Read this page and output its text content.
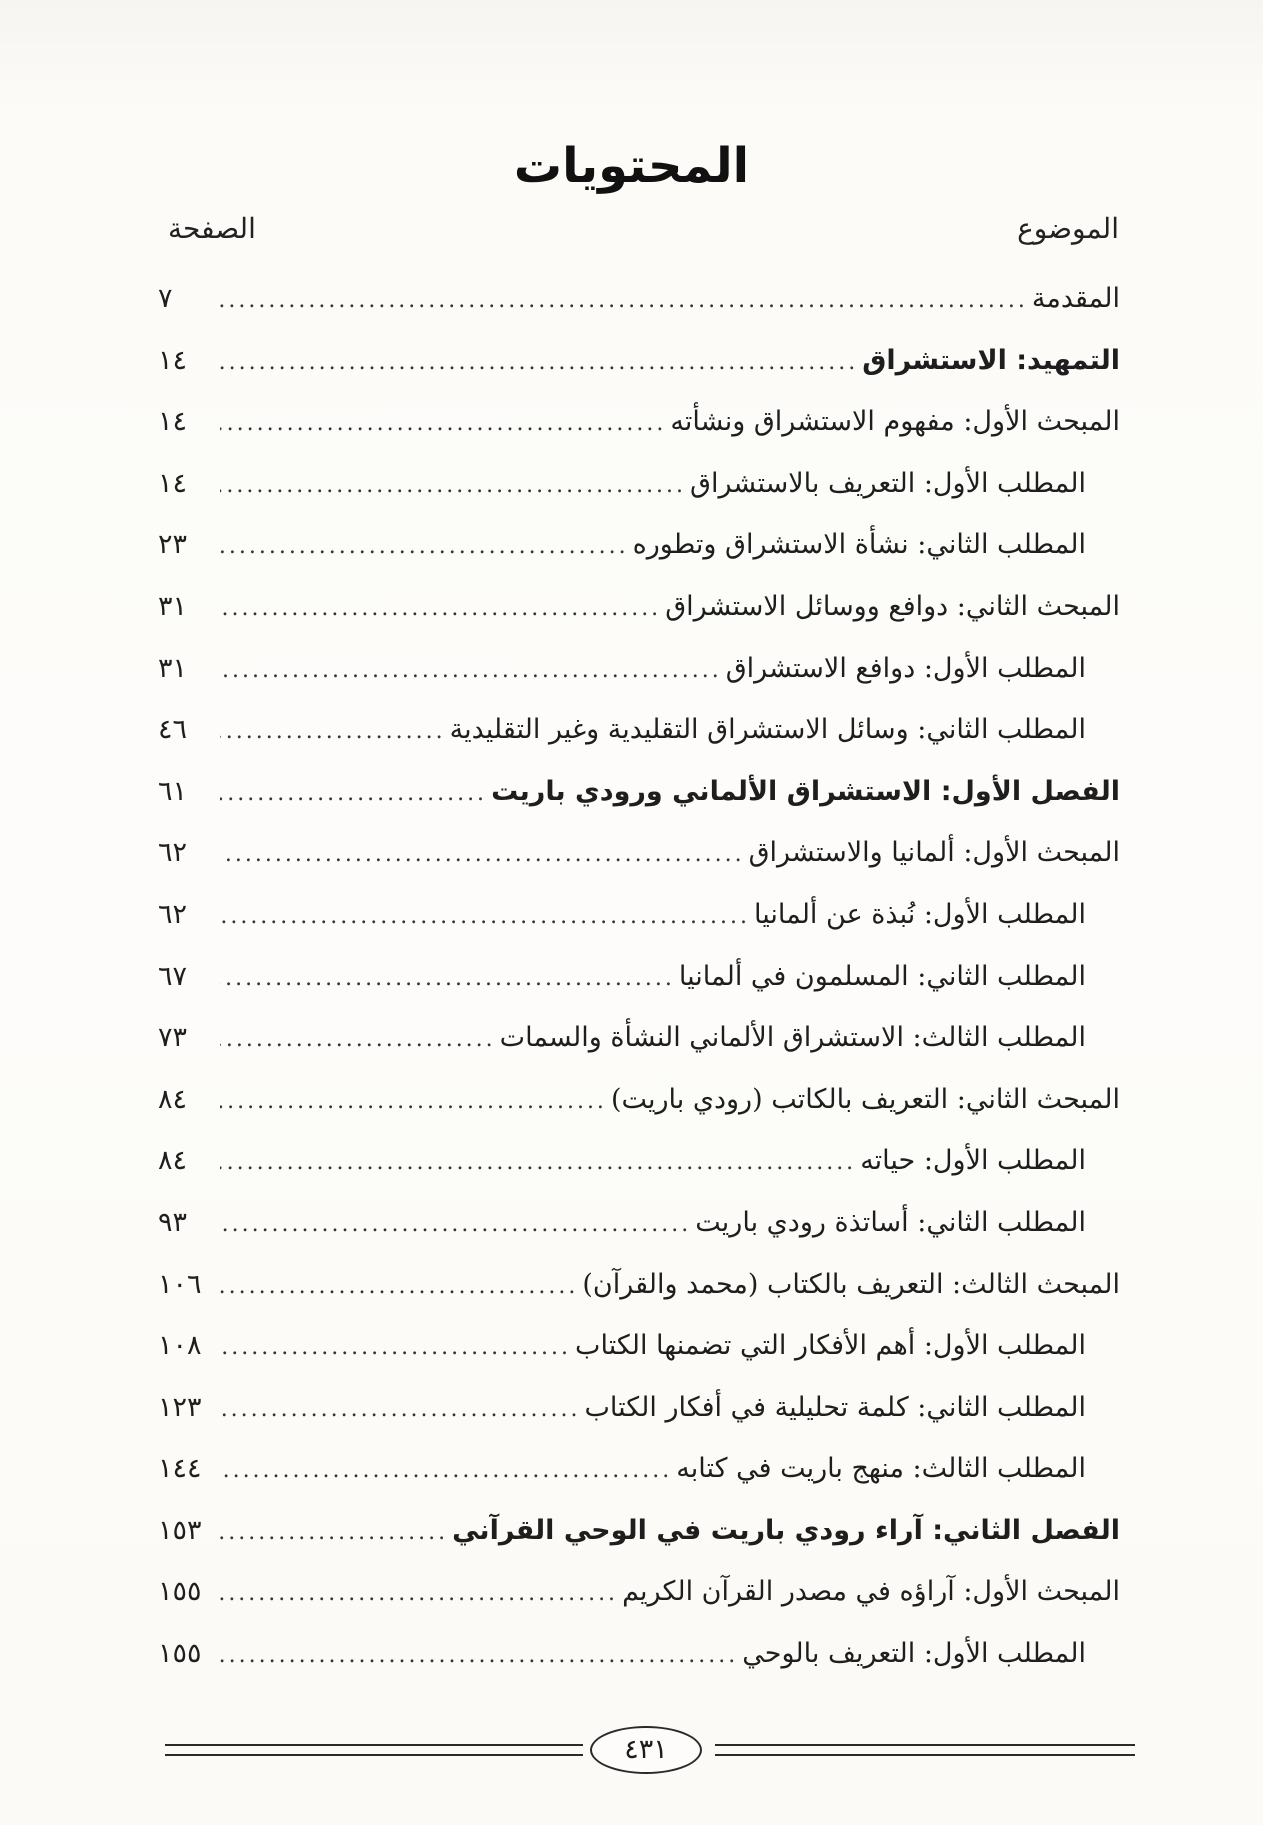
المحتويات
الموضوع
الصفحة
المقدمة
.....
٧
التمهيد: الاستشراق
.....
١٤
المبحث الأول: مفهوم الاستشراق ونشأته
.....
١٤
المطلب الأول: التعريف بالاستشراق
.....
١٤
المطلب الثاني: نشأة الاستشراق وتطوره
.....
٢٣
المبحث الثاني: دوافع ووسائل الاستشراق
.....
٣١
المطلب الأول: دوافع الاستشراق
.....
٣١
المطلب الثاني: وسائل الاستشراق التقليدية وغير التقليدية
.....
٤٦
الفصل الأول: الاستشراق الألماني ورودي باريت
.....
٦١
المبحث الأول: ألمانيا والاستشراق
.....
٦٢
المطلب الأول: نُبذة عن ألمانيا
.....
٦٢
المطلب الثاني: المسلمون في ألمانيا
.....
٦٧
المطلب الثالث: الاستشراق الألماني النشأة والسمات
.....
٧٣
المبحث الثاني: التعريف بالكاتب (رودي باريت)
.....
٨٤
المطلب الأول: حياته
.....
٨٤
المطلب الثاني: أساتذة رودي باريت
.....
٩٣
المبحث الثالث: التعريف بالكتاب (محمد والقرآن)
.....
١٠٦
المطلب الأول: أهم الأفكار التي تضمنها الكتاب
.....
١٠٨
المطلب الثاني: كلمة تحليلية في أفكار الكتاب
.....
١٢٣
المطلب الثالث: منهج باريت في كتابه
.....
١٤٤
الفصل الثاني: آراء رودي باريت في الوحي القرآني
.....
١٥٣
المبحث الأول: آراؤه في مصدر القرآن الكريم
.....
١٥٥
المطلب الأول: التعريف بالوحي
.....
١٥٥
٤٣١
